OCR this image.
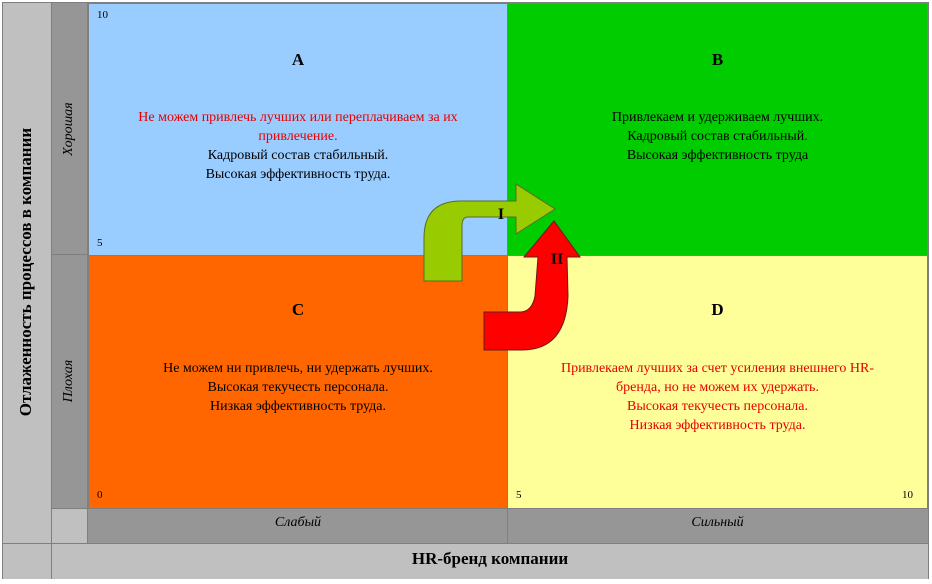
Отлаженность процессов в компании Хорошая
Плохая
A
Не можем привлечь лучших или переплачиваем за их
привлечение.
Кадровый состав стабильный.
Высокая эффективность труда.
B
Привлекаем и удерживаем лучших.
Кадровый состав стабильный.
Высокая эффективность труда
C
Не можем ни привлечь, ни удержать лучших.
Высокая текучесть персонала.
Низкая эффективность труда.
D
Привлекаем лучших за счет усиления внешнего HR-
бренда, но не можем их удержать.
Высокая текучесть персонала.
Низкая эффективность труда.
10
5
0	5	10
Слабый	Сильный
HR-бренд компании
I
II
